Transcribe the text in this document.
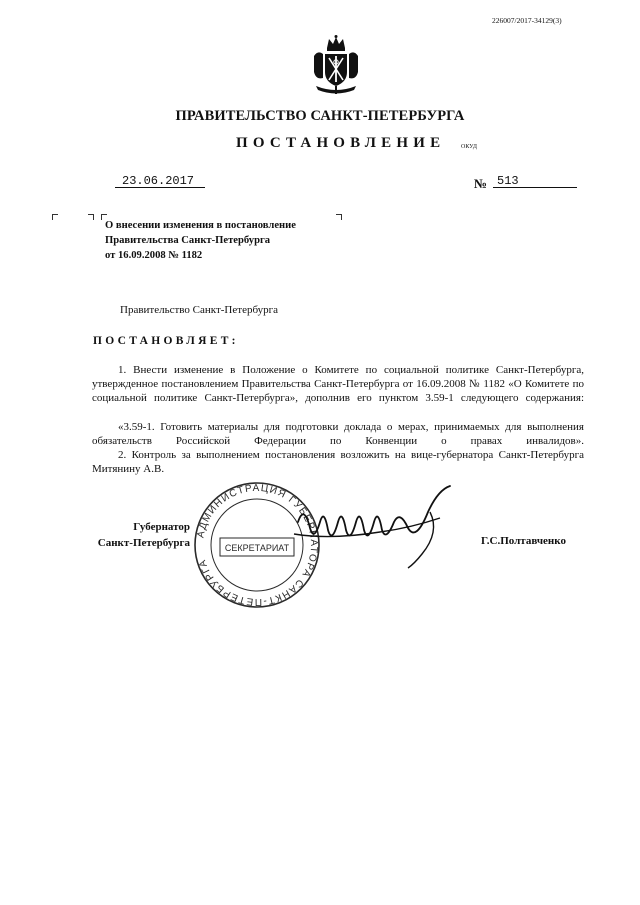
226007/2017-34129(3)
ПРАВИТЕЛЬСТВО САНКТ-ПЕТЕРБУРГА
ПОСТАНОВЛЕНИЕ	ОКУД
23.06.2017	№ 513
О внесении изменения в постановление
Правительства Санкт-Петербурга
от 16.09.2008 № 1182
Правительство Санкт-Петербурга
ПОСТАНОВЛЯЕТ:
1. Внести изменение в Положение о Комитете по социальной политике Санкт-Петербурга, утвержденное постановлением Правительства Санкт-Петербурга от 16.09.2008 № 1182 «О Комитете по социальной политике Санкт-Петербурга», дополнив его пунктом 3.59-1 следующего содержания:
«3.59-1. Готовить материалы для подготовки доклада о мерах, принимаемых для выполнения обязательств Российской Федерации по Конвенции о правах инвалидов».
2. Контроль за выполнением постановления возложить на вице-губернатора Санкт-Петербурга Митянину А.В.
АДМИНИСТРАЦИЯ ГУБЕРНАТОРА САНКТ-ПЕТЕРБУРГА
СЕКРЕТАРИАТ
Губернатор
Санкт-Петербурга	Г.С.Полтавченко
